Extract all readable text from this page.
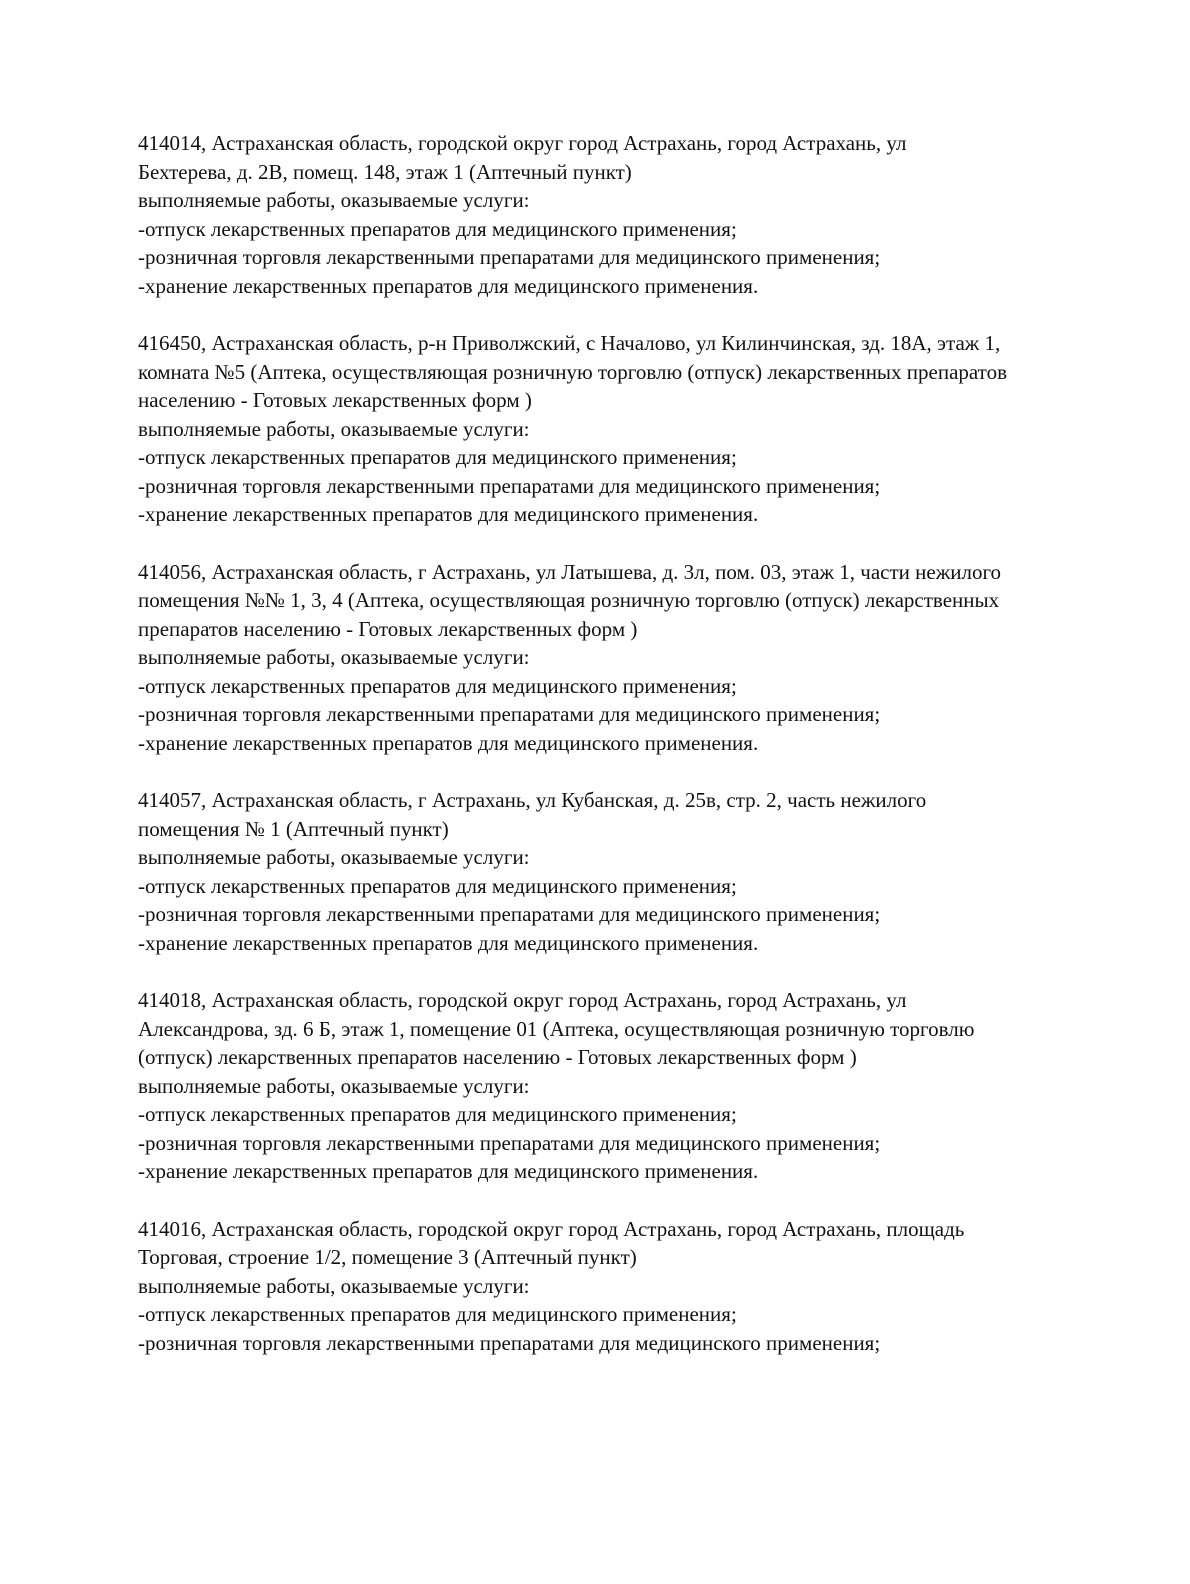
414014, Астраханская область, городской округ город Астрахань, город Астрахань, ул

Бехтерева, д. 2В, помещ. 148, этаж 1 (Аптечный пункт)

выполняемые работы, оказываемые услуги:

-отпуск лекарственных препаратов для медицинского применения;

-розничная торговля лекарственными препаратами для медицинского применения;

-хранение лекарственных препаратов для медицинского применения.

416450, Астраханская область, р-н Приволжский, с Началово, ул Килинчинская, зд. 18А, этаж 1,

комната №5 (Аптека, осуществляющая розничную торговлю (отпуск) лекарственных препаратов

населению - Готовых лекарственных форм )

выполняемые работы, оказываемые услуги:

-отпуск лекарственных препаратов для медицинского применения;

-розничная торговля лекарственными препаратами для медицинского применения;

-хранение лекарственных препаратов для медицинского применения.

414056, Астраханская область, г Астрахань, ул Латышева, д. 3л, пом. 03, этаж 1, части нежилого

помещения №№ 1, 3, 4 (Аптека, осуществляющая розничную торговлю (отпуск) лекарственных

препаратов населению - Готовых лекарственных форм )

выполняемые работы, оказываемые услуги:

-отпуск лекарственных препаратов для медицинского применения;

-розничная торговля лекарственными препаратами для медицинского применения;

-хранение лекарственных препаратов для медицинского применения.

414057, Астраханская область, г Астрахань, ул Кубанская, д. 25в, стр. 2, часть нежилого

помещения № 1 (Аптечный пункт)

выполняемые работы, оказываемые услуги:

-отпуск лекарственных препаратов для медицинского применения;

-розничная торговля лекарственными препаратами для медицинского применения;

-хранение лекарственных препаратов для медицинского применения.

414018, Астраханская область, городской округ город Астрахань, город Астрахань, ул

Александрова, зд. 6 Б, этаж 1, помещение 01 (Аптека, осуществляющая розничную торговлю

(отпуск) лекарственных препаратов населению - Готовых лекарственных форм )

выполняемые работы, оказываемые услуги:

-отпуск лекарственных препаратов для медицинского применения;

-розничная торговля лекарственными препаратами для медицинского применения;

-хранение лекарственных препаратов для медицинского применения.

414016, Астраханская область, городской округ город Астрахань, город Астрахань, площадь

Торговая, строение 1/2, помещение 3 (Аптечный пункт)

выполняемые работы, оказываемые услуги:

-отпуск лекарственных препаратов для медицинского применения;

-розничная торговля лекарственными препаратами для медицинского применения;
